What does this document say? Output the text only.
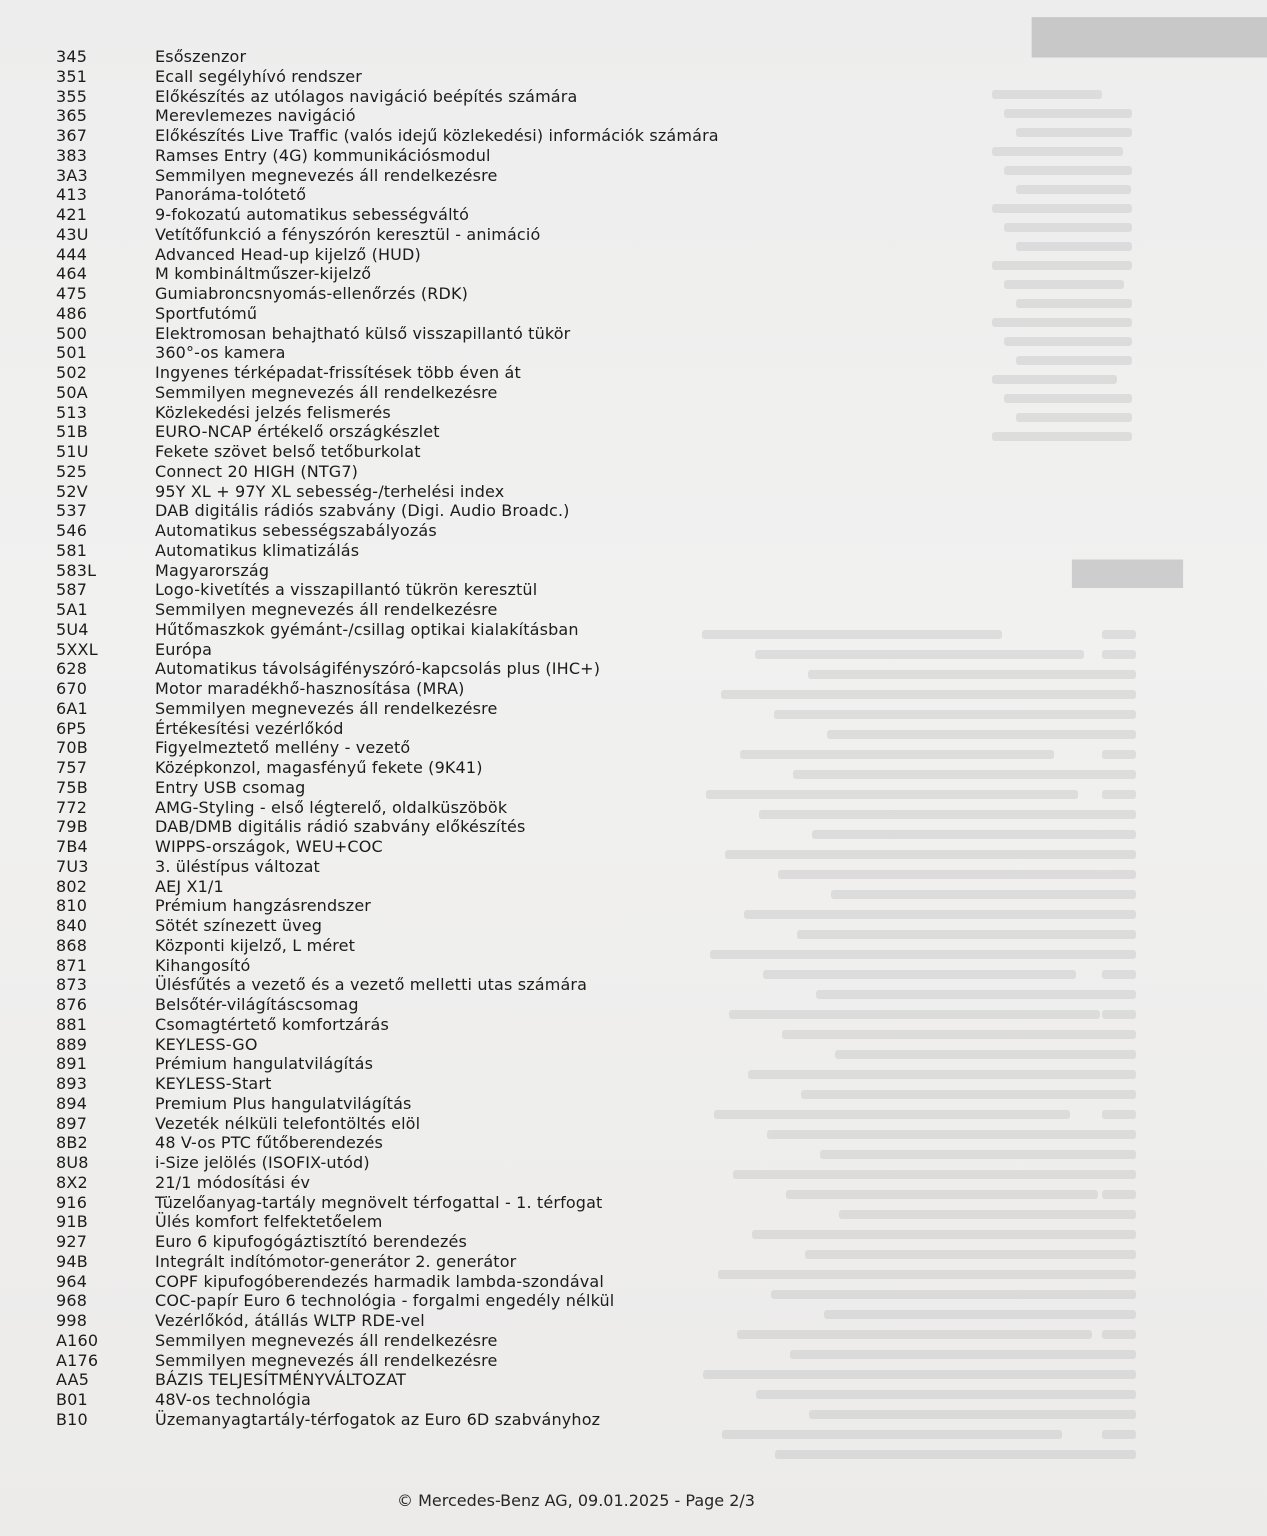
█████████
██████
345	Esőszenzor
351	Ecall segélyhívó rendszer
355	Előkészítés az utólagos navigáció beépítés számára
365	Merevlemezes navigáció
367	Előkészítés Live Traffic (valós idejű közlekedési) információk számára
383	Ramses Entry (4G) kommunikációsmodul
3A3	Semmilyen megnevezés áll rendelkezésre
413	Panoráma-tolótető
421	9-fokozatú automatikus sebességváltó
43U	Vetítőfunkció a fényszórón keresztül - animáció
444	Advanced Head-up kijelző (HUD)
464	M kombináltműszer-kijelző
475	Gumiabroncsnyomás-ellenőrzés (RDK)
486	Sportfutómű
500	Elektromosan behajtható külső visszapillantó tükör
501	360°-os kamera
502	Ingyenes térképadat-frissítések több éven át
50A	Semmilyen megnevezés áll rendelkezésre
513	Közlekedési jelzés felismerés
51B	EURO-NCAP értékelő országkészlet
51U	Fekete szövet belső tetőburkolat
525	Connect 20 HIGH (NTG7)
52V	95Y XL + 97Y XL sebesség-/terhelési index
537	DAB digitális rádiós szabvány (Digi. Audio Broadc.)
546	Automatikus sebességszabályozás
581	Automatikus klimatizálás
583L	Magyarország
587	Logo-kivetítés a visszapillantó tükrön keresztül
5A1	Semmilyen megnevezés áll rendelkezésre
5U4	Hűtőmaszkok gyémánt-/csillag optikai kialakításban
5XXL	Európa
628	Automatikus távolságifényszóró-kapcsolás plus (IHC+)
670	Motor maradékhő-hasznosítása (MRA)
6A1	Semmilyen megnevezés áll rendelkezésre
6P5	Értékesítési vezérlőkód
70B	Figyelmeztető mellény - vezető
757	Középkonzol, magasfényű fekete (9K41)
75B	Entry USB csomag
772	AMG-Styling - első légterelő, oldalküszöbök
79B	DAB/DMB digitális rádió szabvány előkészítés
7B4	WIPPS-országok, WEU+COC
7U3	3. üléstípus változat
802	AEJ X1/1
810	Prémium hangzásrendszer
840	Sötét színezett üveg
868	Központi kijelző, L méret
871	Kihangosító
873	Ülésfűtés a vezető és a vezető melletti utas számára
876	Belsőtér-világításcsomag
881	Csomagtértető komfortzárás
889	KEYLESS-GO
891	Prémium hangulatvilágítás
893	KEYLESS-Start
894	Premium Plus hangulatvilágítás
897	Vezeték nélküli telefontöltés elöl
8B2	48 V-os PTC fűtőberendezés
8U8	i-Size jelölés (ISOFIX-utód)
8X2	21/1 módosítási év
916	Tüzelőanyag-tartály megnövelt térfogattal - 1. térfogat
91B	Ülés komfort felfektetőelem
927	Euro 6 kipufogógáztisztító berendezés
94B	Integrált indítómotor-generátor 2. generátor
964	COPF kipufogóberendezés harmadik lambda-szondával
968	COC-papír Euro 6 technológia - forgalmi engedély nélkül
998	Vezérlőkód, átállás WLTP RDE-vel
A160	Semmilyen megnevezés áll rendelkezésre
A176	Semmilyen megnevezés áll rendelkezésre
AA5	BÁZIS TELJESÍTMÉNYVÁLTOZAT
B01	48V-os technológia
B10	Üzemanyagtartály-térfogatok az Euro 6D szabványhoz
© Mercedes-Benz AG, 09.01.2025 - Page 2/3
